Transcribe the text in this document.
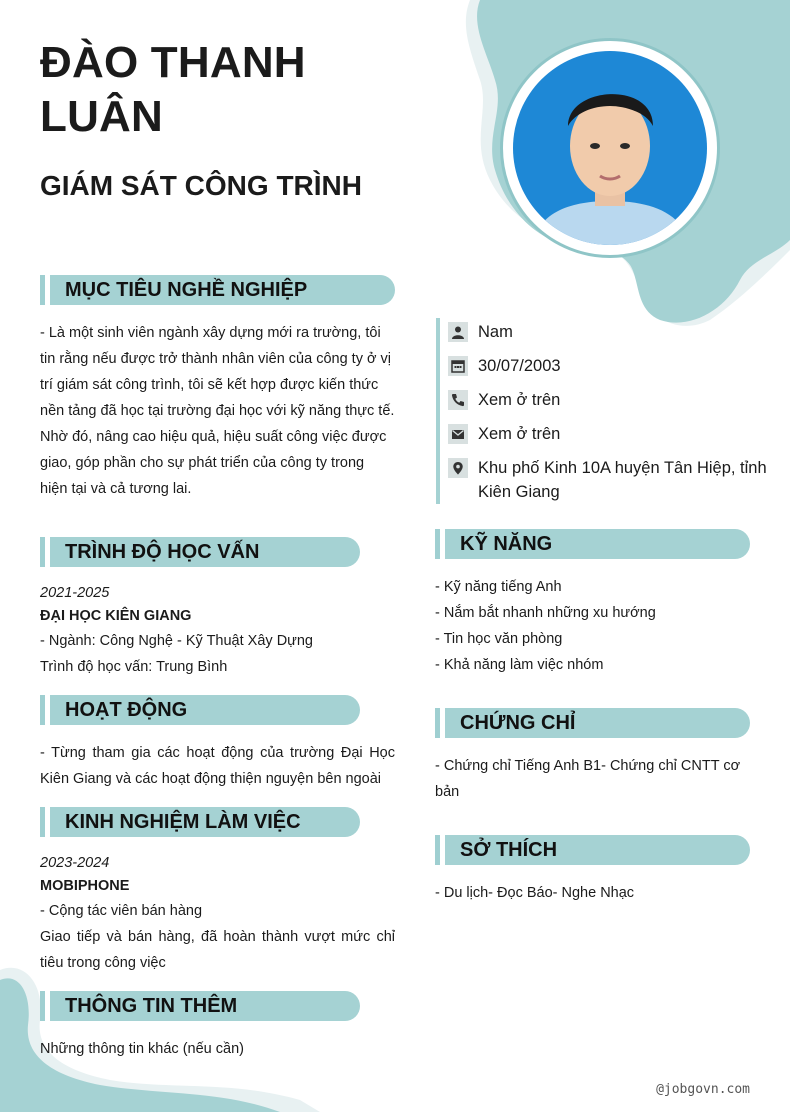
ĐÀO THANH LUÂN
GIÁM SÁT CÔNG TRÌNH
MỤC TIÊU NGHỀ NGHIỆP

- Là một sinh viên ngành xây dựng mới ra trường, tôi tin rằng nếu được trở thành nhân viên của công ty ở vị trí giám sát công trình, tôi sẽ kết hợp được kiến thức nền tảng đã học tại trường đại học với kỹ năng thực tế. Nhờ đó, nâng cao hiệu quả, hiệu suất công việc được giao, góp phần cho sự phát triển của công ty trong hiện tại và cả tương lai.

TRÌNH ĐỘ HỌC VẤN

2021-2025

ĐẠI HỌC KIÊN GIANG

- Ngành: Công Nghệ - Kỹ Thuật Xây Dựng

Trình độ học vấn: Trung Bình

HOẠT ĐỘNG

- Từng tham gia các hoạt động của trường Đại Học Kiên Giang và các hoạt động thiện nguyện bên ngoài

KINH NGHIỆM LÀM VIỆC

2023-2024

MOBIPHONE

- Cộng tác viên bán hàng

Giao tiếp và bán hàng, đã hoàn thành vượt mức chỉ tiêu trong công việc

THÔNG TIN THÊM

Những thông tin khác (nếu cần)

Nam
30/07/2003
Xem ở trên
Xem ở trên
Khu phố Kinh 10A huyện Tân Hiệp, tỉnh Kiên Giang
KỸ NĂNG

- Kỹ năng tiếng Anh

- Nắm bắt nhanh những xu hướng

- Tin học văn phòng

- Khả năng làm việc nhóm

CHỨNG CHỈ

- Chứng chỉ Tiếng Anh B1- Chứng chỉ CNTT cơ bản

SỞ THÍCH

- Du lịch- Đọc Báo- Nghe Nhạc

@jobgovn.com
